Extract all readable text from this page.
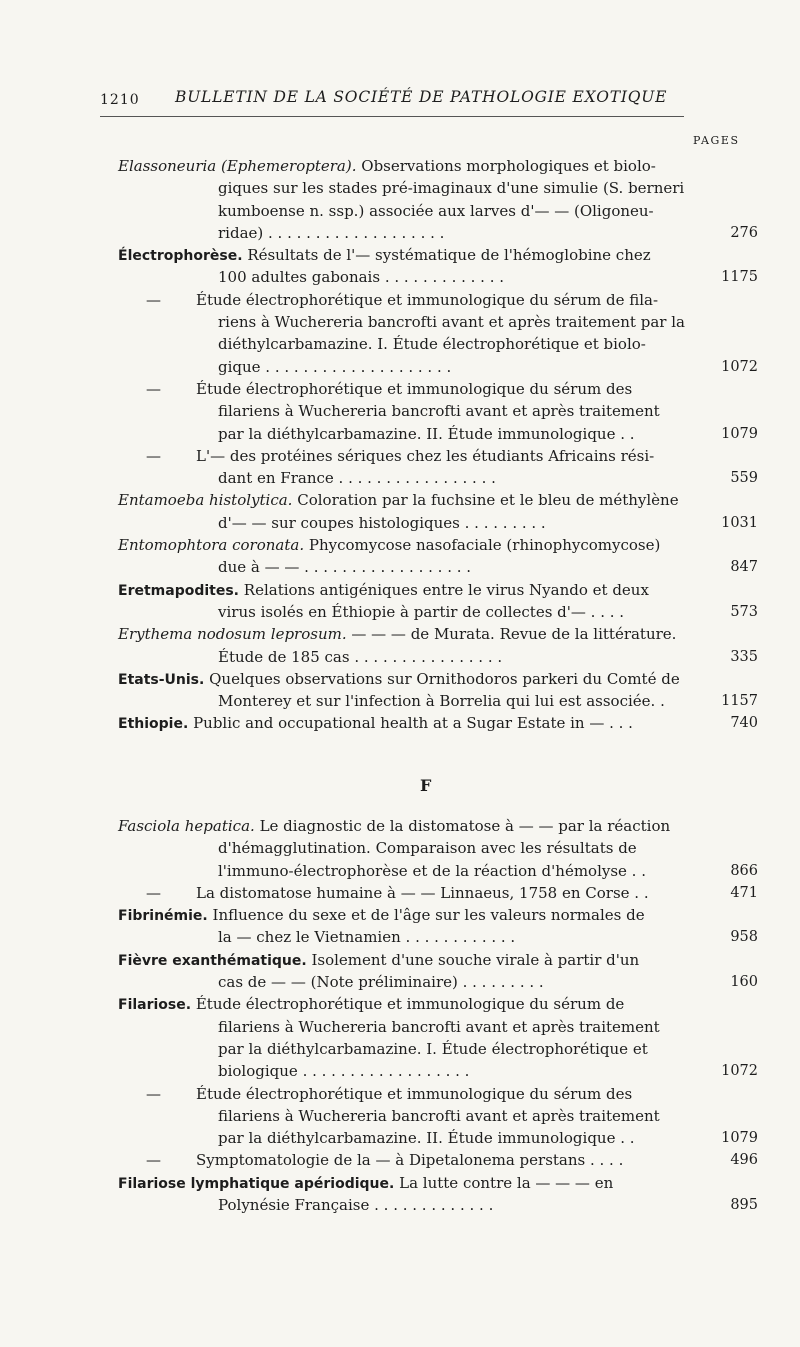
1210 BULLETIN DE LA SOCIÉTÉ DE PATHOLOGIE EXOTIQUE
PAGES
Elassoneuria (Ephemeroptera). Observations morphologiques et biolo-
giques sur les stades pré-imaginaux d'une simulie (S. berneri
kumboense n. ssp.) associée aux larves d'— — (Oligoneu-
ridae) . . . . . . . . . . . . . . . . . . .	276
Électrophorèse. Résultats de l'— systématique de l'hémoglobine chez
100 adultes gabonais . . . . . . . . . . . . .	1175
— Étude électrophorétique et immunologique du sérum de fila-
riens à Wuchereria bancrofti avant et après traitement par la
diéthylcarbamazine. I. Étude électrophorétique et biolo-
gique . . . . . . . . . . . . . . . . . . . .	1072
— Étude électrophorétique et immunologique du sérum des
filariens à Wuchereria bancrofti avant et après traitement
par la diéthylcarbamazine. II. Étude immunologique . .	1079
— L'— des protéines sériques chez les étudiants Africains rési-
dant en France . . . . . . . . . . . . . . . . .	559
Entamoeba histolytica. Coloration par la fuchsine et le bleu de méthylène
d'— — sur coupes histologiques . . . . . . . . .	1031
Entomophtora coronata. Phycomycose nasofaciale (rhinophycomycose)
due à — — . . . . . . . . . . . . . . . . . .	847
Eretmapodites. Relations antigéniques entre le virus Nyando et deux
virus isolés en Éthiopie à partir de collectes d'— . . . .	573
Erythema nodosum leprosum. — — — de Murata. Revue de la littérature.
Étude de 185 cas . . . . . . . . . . . . . . . .	335
Etats-Unis. Quelques observations sur Ornithodoros parkeri du Comté de
Monterey et sur l'infection à Borrelia qui lui est associée. .	1157
Ethiopie. Public and occupational health at a Sugar Estate in — . . .	740
F
Fasciola hepatica. Le diagnostic de la distomatose à — — par la réaction
d'hémagglutination. Comparaison avec les résultats de
l'immuno-électrophorèse et de la réaction d'hémolyse . .	866
— La distomatose humaine à — — Linnaeus, 1758 en Corse . .	471
Fibrinémie. Influence du sexe et de l'âge sur les valeurs normales de
la — chez le Vietnamien . . . . . . . . . . . .	958
Fièvre exanthématique. Isolement d'une souche virale à partir d'un
cas de — — (Note préliminaire) . . . . . . . . .	160
Filariose. Étude électrophorétique et immunologique du sérum de
filariens à Wuchereria bancrofti avant et après traitement
par la diéthylcarbamazine. I. Étude électrophorétique et
biologique . . . . . . . . . . . . . . . . . .	1072
— Étude électrophorétique et immunologique du sérum des
filariens à Wuchereria bancrofti avant et après traitement
par la diéthylcarbamazine. II. Étude immunologique . .	1079
— Symptomatologie de la — à Dipetalonema perstans . . . .	496
Filariose lymphatique apériodique. La lutte contre la — — — en
Polynésie Française . . . . . . . . . . . . .	895
